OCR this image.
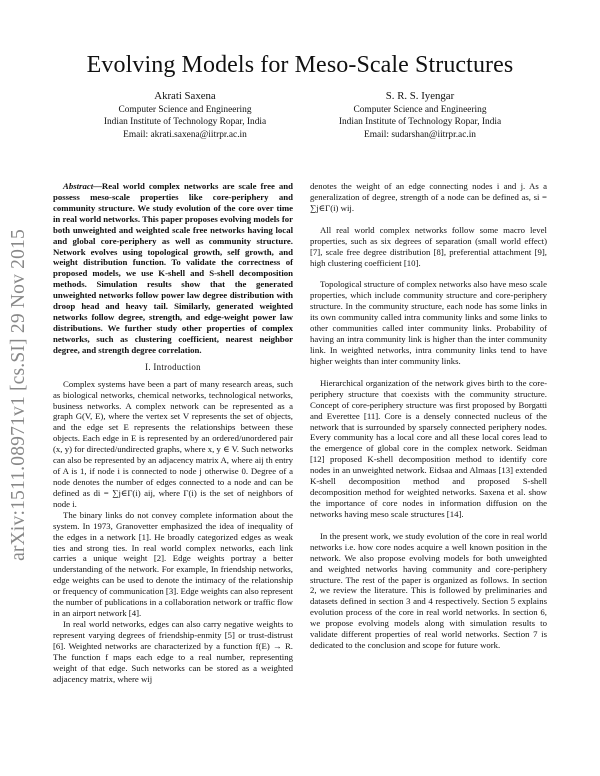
arXiv:1511.08971v1 [cs.SI] 29 Nov 2015
Evolving Models for Meso-Scale Structures
Akrati Saxena
Computer Science and Engineering
Indian Institute of Technology Ropar, India
Email: akrati.saxena@iitrpr.ac.in
S. R. S. Iyengar
Computer Science and Engineering
Indian Institute of Technology Ropar, India
Email: sudarshan@iitrpr.ac.in

Abstract—Real world complex networks are scale free and possess meso-scale properties like core-periphery and community structure. We study evolution of the core over time in real world networks. This paper proposes evolving models for both unweighted and weighted scale free networks having local and global core-periphery as well as community structure. Network evolves using topological growth, self growth, and weight distribution function. To validate the correctness of proposed models, we use K-shell and S-shell decomposition methods. Simulation results show that the generated unweighted networks follow power law degree distribution with droop head and heavy tail. Similarly, generated weighted networks follow degree, strength, and edge-weight power law distributions. We further study other properties of complex networks, such as clustering coefficient, nearest neighbor degree, and strength degree correlation.

I. Introduction

Complex systems have been a part of many research areas, such as biological networks, chemical networks, technological networks, business networks. A complex network can be represented as a graph G(V, E), where the vertex set V represents the set of objects, and the edge set E represents the relationships between these objects. Each edge in E is represented by an ordered/unordered pair (x, y) for directed/undirected graphs, where x, y ∈ V. Such networks can also be represented by an adjacency matrix A, where aij th entry of A is 1, if node i is connected to node j otherwise 0. Degree of a node denotes the number of edges connected to a node and can be defined as di = ∑j∈Γ(i) aij, where Γ(i) is the set of neighbors of node i.

The binary links do not convey complete information about the system. In 1973, Granovetter emphasized the idea of inequality of the edges in a network [1]. He broadly categorized edges as weak ties and strong ties. In real world complex networks, each link carries a unique weight [2]. Edge weights portray a better understanding of the network. For example, In friendship networks, edge weights can be used to denote the intimacy of the relationship or frequency of communication [3]. Edge weights can also represent the number of publications in a collaboration network or traffic flow in an airport network [4].

In real world networks, edges can also carry negative weights to represent varying degrees of friendship-enmity [5] or trust-distrust [6]. Weighted networks are characterized by a function f(E) → R. The function f maps each edge to a real number, representing weight of that edge. Such networks can be stored as a weighted adjacency matrix, where wij

denotes the weight of an edge connecting nodes i and j. As a generalization of degree, strength of a node can be defined as, si = ∑j∈Γ(i) wij.

All real world complex networks follow some macro level properties, such as six degrees of separation (small world effect) [7], scale free degree distribution [8], preferential attachment [9], high clustering coefficient [10].

Topological structure of complex networks also have meso scale properties, which include community structure and core-periphery structure. In the community structure, each node has some links in its own community called intra community links and some links to other communities called inter community links. Probability of having an intra community link is higher than the inter community link. In weighted networks, intra community links tend to have higher weights than inter community links.

Hierarchical organization of the network gives birth to the core-periphery structure that coexists with the community structure. Concept of core-periphery structure was first proposed by Borgatti and Everettee [11]. Core is a densely connected nucleus of the network that is surrounded by sparsely connected periphery nodes. Every community has a local core and all these local cores lead to the emergence of global core in the complex network. Seidman [12] proposed K-shell decomposition method to identify core nodes in an unweighted network. Eidsaa and Almaas [13] extended K-shell decomposition method and proposed S-shell decomposition method for weighted networks. Saxena et al. show the importance of core nodes in information diffusion on the networks having meso scale structures [14].

In the present work, we study evolution of the core in real world networks i.e. how core nodes acquire a well known position in the network. We also propose evolving models for both unweighted and weighted networks having community and core-periphery structure. The rest of the paper is organized as follows. In section 2, we review the literature. This is followed by preliminaries and datasets defined in section 3 and 4 respectively. Section 5 explains evolution process of the core in real world networks. In section 6, we propose evolving models along with simulation results to validate different properties of real world networks. Section 7 is dedicated to the conclusion and scope for future work.
